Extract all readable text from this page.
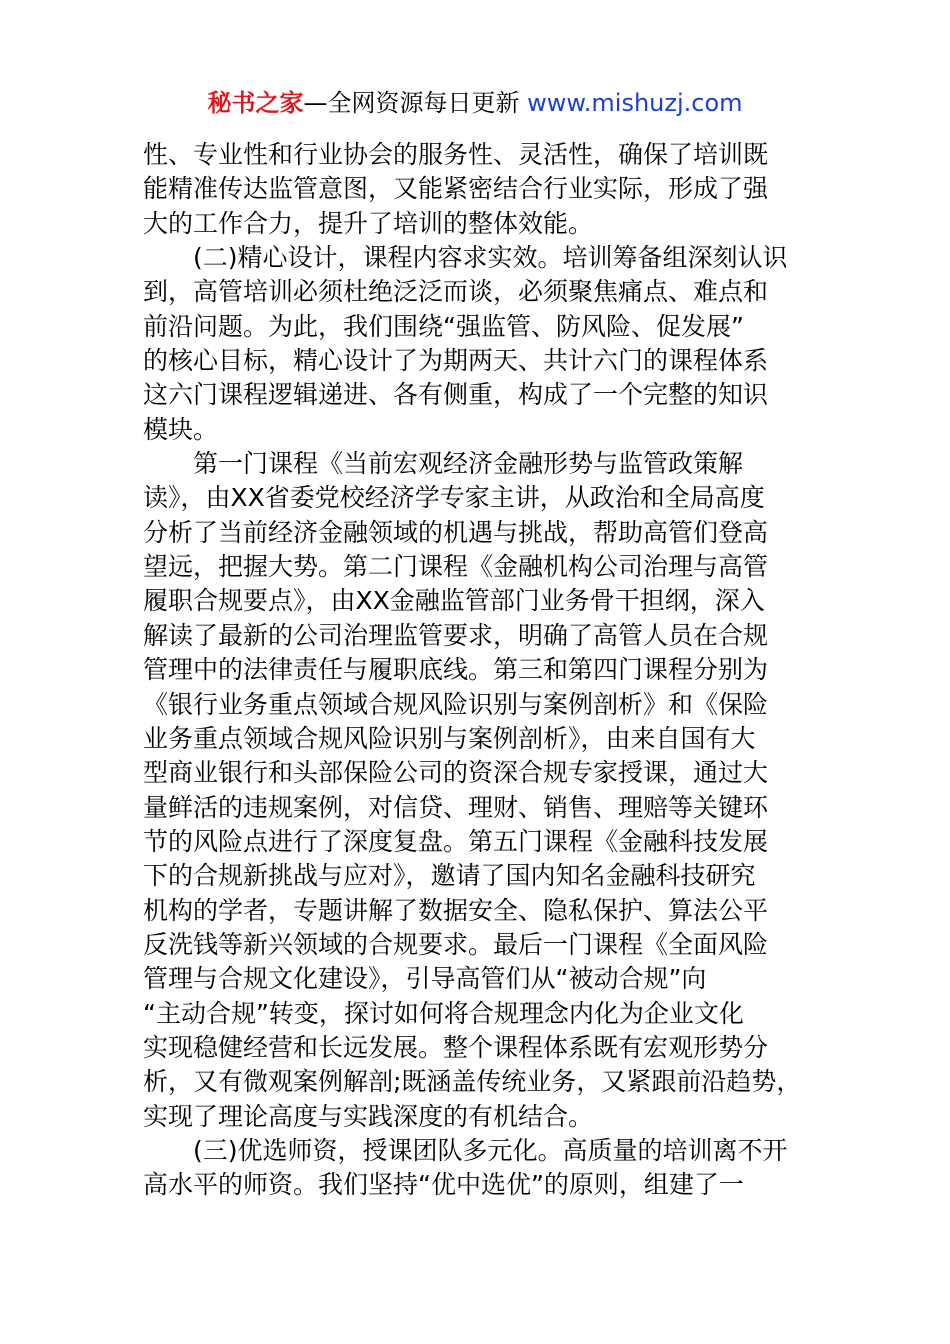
秘书之家—全网资源每日更新 www.mishuzj.com
性、专业性和行业协会的服务性、灵活性，确保了培训既
能精准传达监管意图，又能紧密结合行业实际，形成了强
大的工作合力，提升了培训的整体效能。
(二)精心设计，课程内容求实效。培训筹备组深刻认识
到，高管培训必须杜绝泛泛而谈，必须聚焦痛点、难点和
前沿问题。为此，我们围绕“强监管、防风险、促发展”
的核心目标，精心设计了为期两天、共计六门的课程体系
这六门课程逻辑递进、各有侧重，构成了一个完整的知识
模块。
第一门课程《当前宏观经济金融形势与监管政策解
读》，由XX省委党校经济学专家主讲，从政治和全局高度
分析了当前经济金融领域的机遇与挑战，帮助高管们登高
望远，把握大势。第二门课程《金融机构公司治理与高管
履职合规要点》，由XX金融监管部门业务骨干担纲，深入
解读了最新的公司治理监管要求，明确了高管人员在合规
管理中的法律责任与履职底线。第三和第四门课程分别为
《银行业务重点领域合规风险识别与案例剖析》和《保险
业务重点领域合规风险识别与案例剖析》，由来自国有大
型商业银行和头部保险公司的资深合规专家授课，通过大
量鲜活的违规案例，对信贷、理财、销售、理赔等关键环
节的风险点进行了深度复盘。第五门课程《金融科技发展
下的合规新挑战与应对》，邀请了国内知名金融科技研究
机构的学者，专题讲解了数据安全、隐私保护、算法公平
反洗钱等新兴领域的合规要求。最后一门课程《全面风险
管理与合规文化建设》，引导高管们从“被动合规”向
“主动合规”转变，探讨如何将合规理念内化为企业文化
实现稳健经营和长远发展。整个课程体系既有宏观形势分
析，又有微观案例解剖;既涵盖传统业务，又紧跟前沿趋势，
实现了理论高度与实践深度的有机结合。
(三)优选师资，授课团队多元化。高质量的培训离不开
高水平的师资。我们坚持“优中选优”的原则，组建了一
